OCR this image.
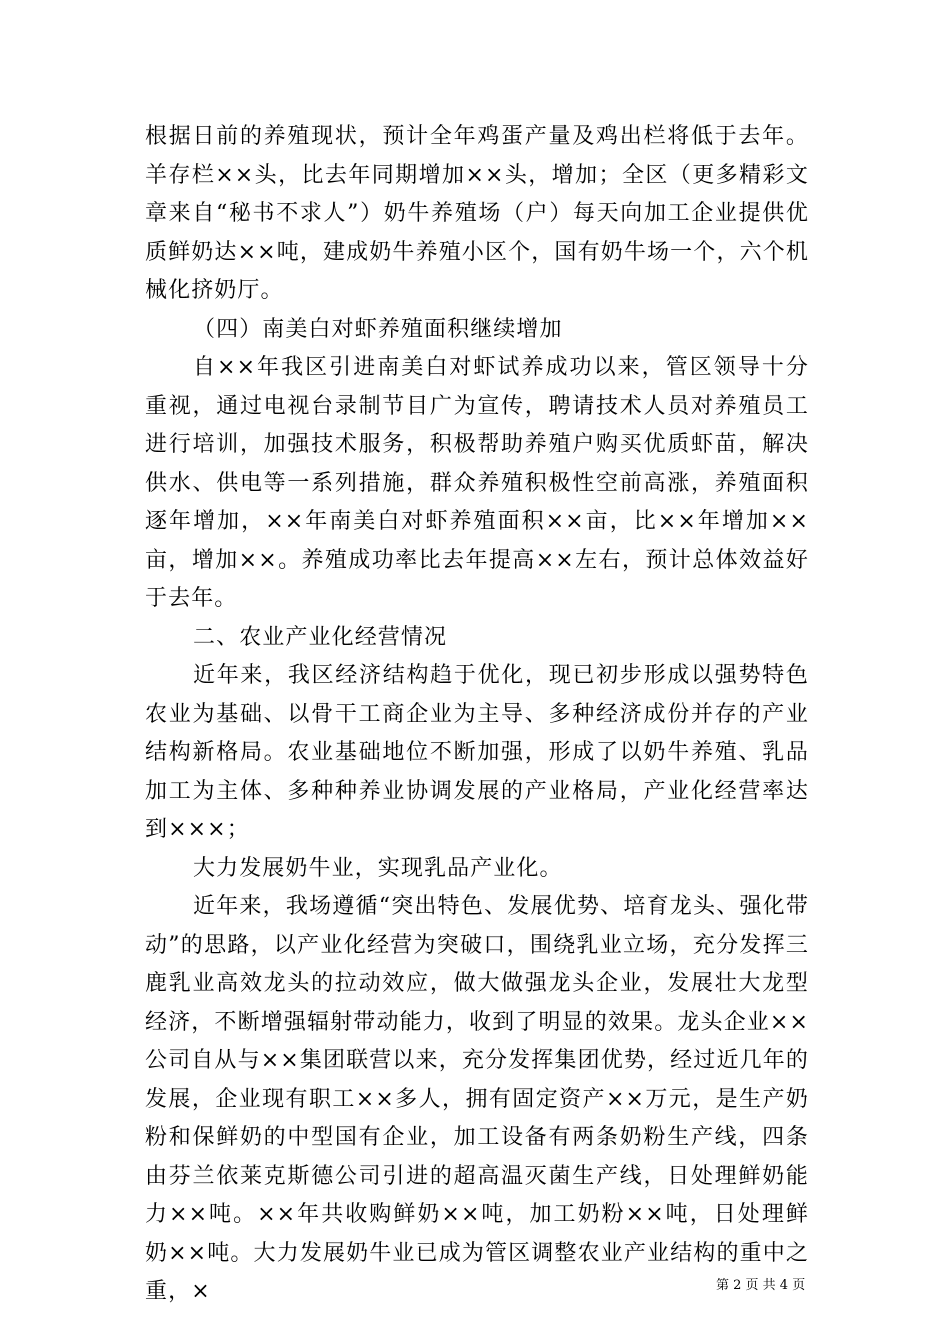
根据日前的养殖现状，预计全年鸡蛋产量及鸡出栏将低于去年。羊存栏××头，比去年同期增加××头，增加；全区（更多精彩文章来自“秘书不求人”）奶牛养殖场（户）每天向加工企业提供优质鲜奶达××吨，建成奶牛养殖小区个，国有奶牛场一个，六个机械化挤奶厅。

（四）南美白对虾养殖面积继续增加

自××年我区引进南美白对虾试养成功以来，管区领导十分重视，通过电视台录制节目广为宣传，聘请技术人员对养殖员工进行培训，加强技术服务，积极帮助养殖户购买优质虾苗，解决供水、供电等一系列措施，群众养殖积极性空前高涨，养殖面积逐年增加，××年南美白对虾养殖面积××亩，比××年增加××亩，增加××。养殖成功率比去年提高××左右，预计总体效益好于去年。

二、农业产业化经营情况

近年来，我区经济结构趋于优化，现已初步形成以强势特色农业为基础、以骨干工商企业为主导、多种经济成份并存的产业结构新格局。农业基础地位不断加强，形成了以奶牛养殖、乳品加工为主体、多种种养业协调发展的产业格局，产业化经营率达到×××；

大力发展奶牛业，实现乳品产业化。

近年来，我场遵循“突出特色、发展优势、培育龙头、强化带动”的思路，以产业化经营为突破口，围绕乳业立场，充分发挥三鹿乳业高效龙头的拉动效应，做大做强龙头企业，发展壮大龙型经济，不断增强辐射带动能力，收到了明显的效果。龙头企业××公司自从与××集团联营以来，充分发挥集团优势，经过近几年的发展，企业现有职工××多人，拥有固定资产××万元，是生产奶粉和保鲜奶的中型国有企业，加工设备有两条奶粉生产线，四条由芬兰依莱克斯德公司引进的超高温灭菌生产线，日处理鲜奶能力××吨。××年共收购鲜奶××吨，加工奶粉××吨，日处理鲜奶××吨。大力发展奶牛业已成为管区调整农业产业结构的重中之重，×	第 2 页 共 4 页
